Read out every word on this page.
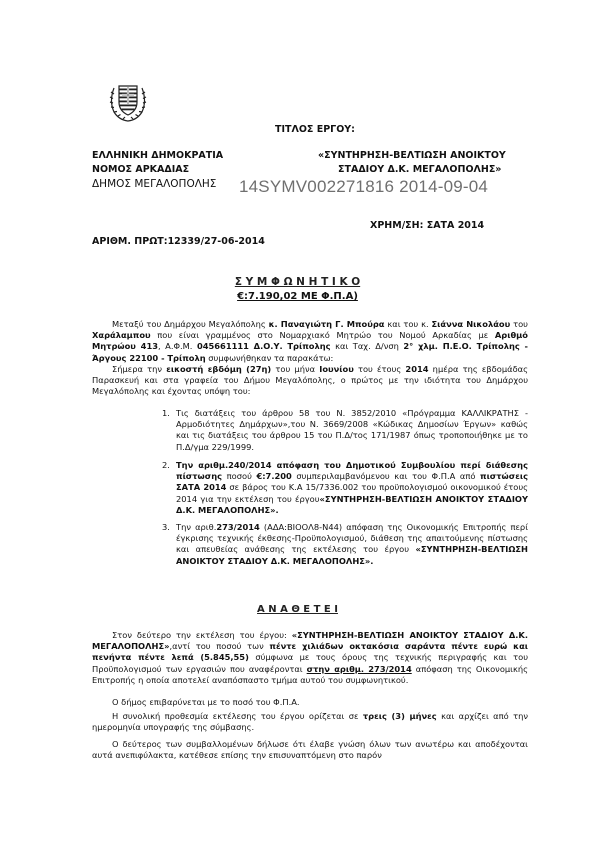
ΤΙΤΛΟΣ ΕΡΓΟΥ:
ΕΛΛΗΝΙΚΗ ΔΗΜΟΚΡΑΤΙΑ
ΝΟΜΟΣ ΑΡΚΑΔΙΑΣ
ΔΗΜΟΣ ΜΕΓΑΛΟΠΟΛΗΣ
«ΣΥΝΤΗΡΗΣΗ-ΒΕΛΤΙΩΣΗ ΑΝΟΙΚΤΟΥ
ΣΤΑΔΙΟΥ Δ.Κ. ΜΕΓΑΛΟΠΟΛΗΣ»
14SYMV002271816 2014-09-04
ΧΡΗΜ/ΣΗ: ΣΑΤΑ 2014
ΑΡΙΘΜ. ΠΡΩΤ:12339/27-06-2014
Σ Υ Μ Φ Ω Ν Η Τ Ι Κ Ο
€:7.190,02 ΜΕ Φ.Π.Α)
Μεταξύ του Δημάρχου Μεγαλόπολης κ. Παναγιώτη Γ. Μπούρα και του κ. Σιάννα Νικολάου του Χαράλαμπου που είναι γραμμένος στο Νομαρχιακό Μητρώο του Νομού Αρκαδίας με Αριθμό Μητρώου 413, Α.Φ.Μ. 045661111 Δ.Ο.Υ. Τρίπολης και Ταχ. Δ/νση 2° χλμ. Π.Ε.Ο. Τρίπολης - Άργους 22100 - Τρίπολη συμφωνήθηκαν τα παρακάτω:
Σήμερα την εικοστή εβδόμη (27η) του μήνα Ιουνίου του έτους 2014 ημέρα της εβδομάδας Παρασκευή και στα γραφεία του Δήμου Μεγαλόπολης, ο πρώτος με την ιδιότητα του Δημάρχου Μεγαλόπολης και έχοντας υπόψη του:
1. Τις διατάξεις του άρθρου 58 του Ν. 3852/2010 «Πρόγραμμα ΚΑΛΛΙΚΡΑΤΗΣ - Αρμοδιότητες Δημάρχων»,του Ν. 3669/2008 «Κώδικας Δημοσίων Έργων» καθώς και τις διατάξεις του άρθρου 15 του Π.Δ/τος 171/1987 όπως τροποποιήθηκε με το Π.Δ/γμα 229/1999.
2. Την αριθμ.240/2014 απόφαση του Δημοτικού Συμβουλίου περί διάθεσης πίστωσης ποσού €:7.200 συμπεριλαμβανόμενου και του Φ.Π.Α από πιστώσεις ΣΑΤΑ 2014 σε βάρος του Κ.Α 15/7336.002 του προϋπολογισμού οικονομικού έτους 2014 για την εκτέλεση του έργου«ΣΥΝΤΗΡΗΣΗ-ΒΕΛΤΙΩΣΗ ΑΝΟΙΚΤΟΥ ΣΤΑΔΙΟΥ Δ.Κ. ΜΕΓΑΛΟΠΟΛΗΣ».
3. Την αριθ.273/2014 (ΑΔΑ:ΒΙΟΟΛ8-Ν44) απόφαση της Οικονομικής Επιτροπής περί έγκρισης τεχνικής έκθεσης-Προϋπολογισμού, διάθεση της απαιτούμενης πίστωσης και απευθείας ανάθεσης της εκτέλεσης του έργου «ΣΥΝΤΗΡΗΣΗ-ΒΕΛΤΙΩΣΗ ΑΝΟΙΚΤΟΥ ΣΤΑΔΙΟΥ Δ.Κ. ΜΕΓΑΛΟΠΟΛΗΣ».
Α Ν Α Θ Ε Τ Ε Ι
Στον δεύτερο την εκτέλεση του έργου: «ΣΥΝΤΗΡΗΣΗ-ΒΕΛΤΙΩΣΗ ΑΝΟΙΚΤΟΥ ΣΤΑΔΙΟΥ Δ.Κ. ΜΕΓΑΛΟΠΟΛΗΣ»,αντί του ποσού των πέντε χιλιάδων οκτακόσια σαράντα πέντε ευρώ και πενήντα πέντε λεπά (5.845,55) σύμφωνα με τους όρους της τεχνικής περιγραφής και του Προϋπολογισμού των εργασιών που αναφέρονται στην αριθμ. 273/2014 απόφαση της Οικονομικής Επιτροπής η οποία αποτελεί αναπόσπαστο τμήμα αυτού του συμφωνητικού.
Ο δήμος επιβαρύνεται με το ποσό του Φ.Π.Α.
Η συνολική προθεσμία εκτέλεσης του έργου ορίζεται σε τρεις (3) μήνες και αρχίζει από την ημερομηνία υπογραφής της σύμβασης.
Ο δεύτερος των συμβαλλομένων δήλωσε ότι έλαβε γνώση όλων των ανωτέρω και αποδέχονται αυτά ανεπιφύλακτα, κατέθεσε επίσης την επισυναπτόμενη στο παρόν
